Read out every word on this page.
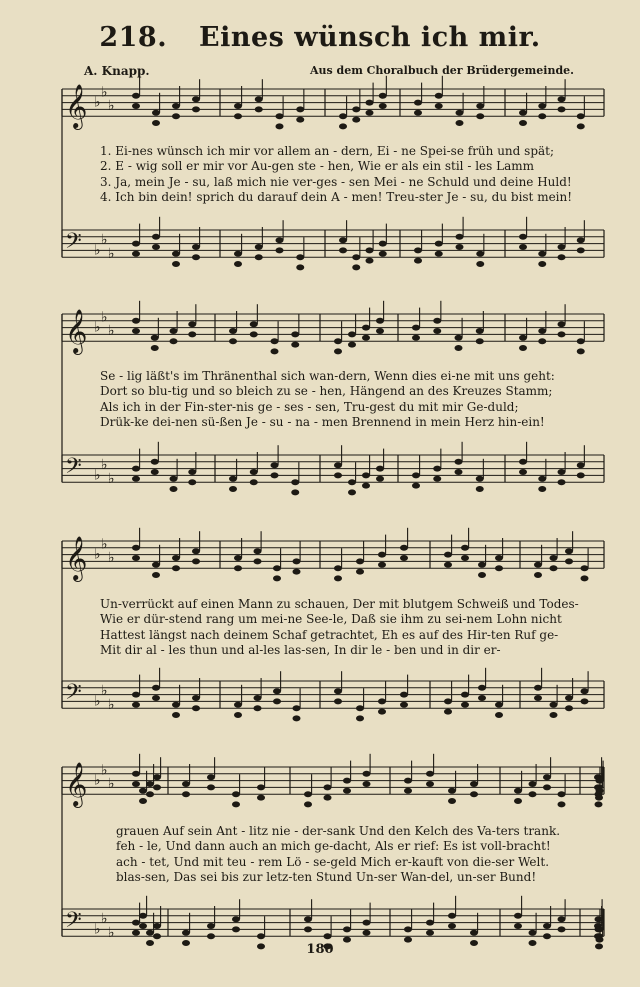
218. Eines wünsch ich mir.
A. Knapp.	Aus dem Choralbuch der Brüdergemeinde.
𝄞 ♭
♭
♭
𝄢 ♭
♭
♭
𝄞 ♭
♭
♭
𝄢 ♭
♭
♭
𝄞 ♭
♭
♭
𝄢 ♭
♭
♭
𝄞 ♭
♭
♭
𝄢 ♭
♭
♭
1. Ei-nes wünsch ich mir vor allem an - dern, Ei - ne Spei-se früh und spät;
2. E - wig soll er mir vor Au-gen ste - hen, Wie er als ein stil - les Lamm
3. Ja, mein Je - su, laß mich nie ver-ges - sen Mei - ne Schuld und deine Huld!
4. Ich bin dein! sprich du darauf dein A - men! Treu-ster Je - su, du bist mein!
Se - lig läßt's im Thränenthal sich wan-dern, Wenn dies ei-ne mit uns geht:
Dort so blu-tig und so bleich zu se - hen, Hängend an des Kreuzes Stamm;
Als ich in der Fin-ster-nis ge - ses - sen, Tru-gest du mit mir Ge-duld;
Drük-ke dei-nen sü-ßen Je - su - na - men Brennend in mein Herz hin-ein!
Un-verrückt auf einen Mann zu schauen, Der mit blutgem Schweiß und Todes-
Wie er dür-stend rang um mei-ne See-le, Daß sie ihm zu sei-nem Lohn nicht
Hattest längst nach deinem Schaf getrachtet, Eh es auf des Hir-ten Ruf ge-
Mit dir al - les thun und al-les las-sen, In dir le - ben und in dir er-
grauen Auf sein Ant - litz nie - der-sank Und den Kelch des Va-ters trank.
feh - le, Und dann auch an mich ge-dacht, Als er rief: Es ist voll-bracht!
ach - tet, Und mit teu - rem Lö - se-geld Mich er-kauft von die-ser Welt.
blas-sen, Das sei bis zur letz-ten Stund Un-ser Wan-del, un-ser Bund!
180
